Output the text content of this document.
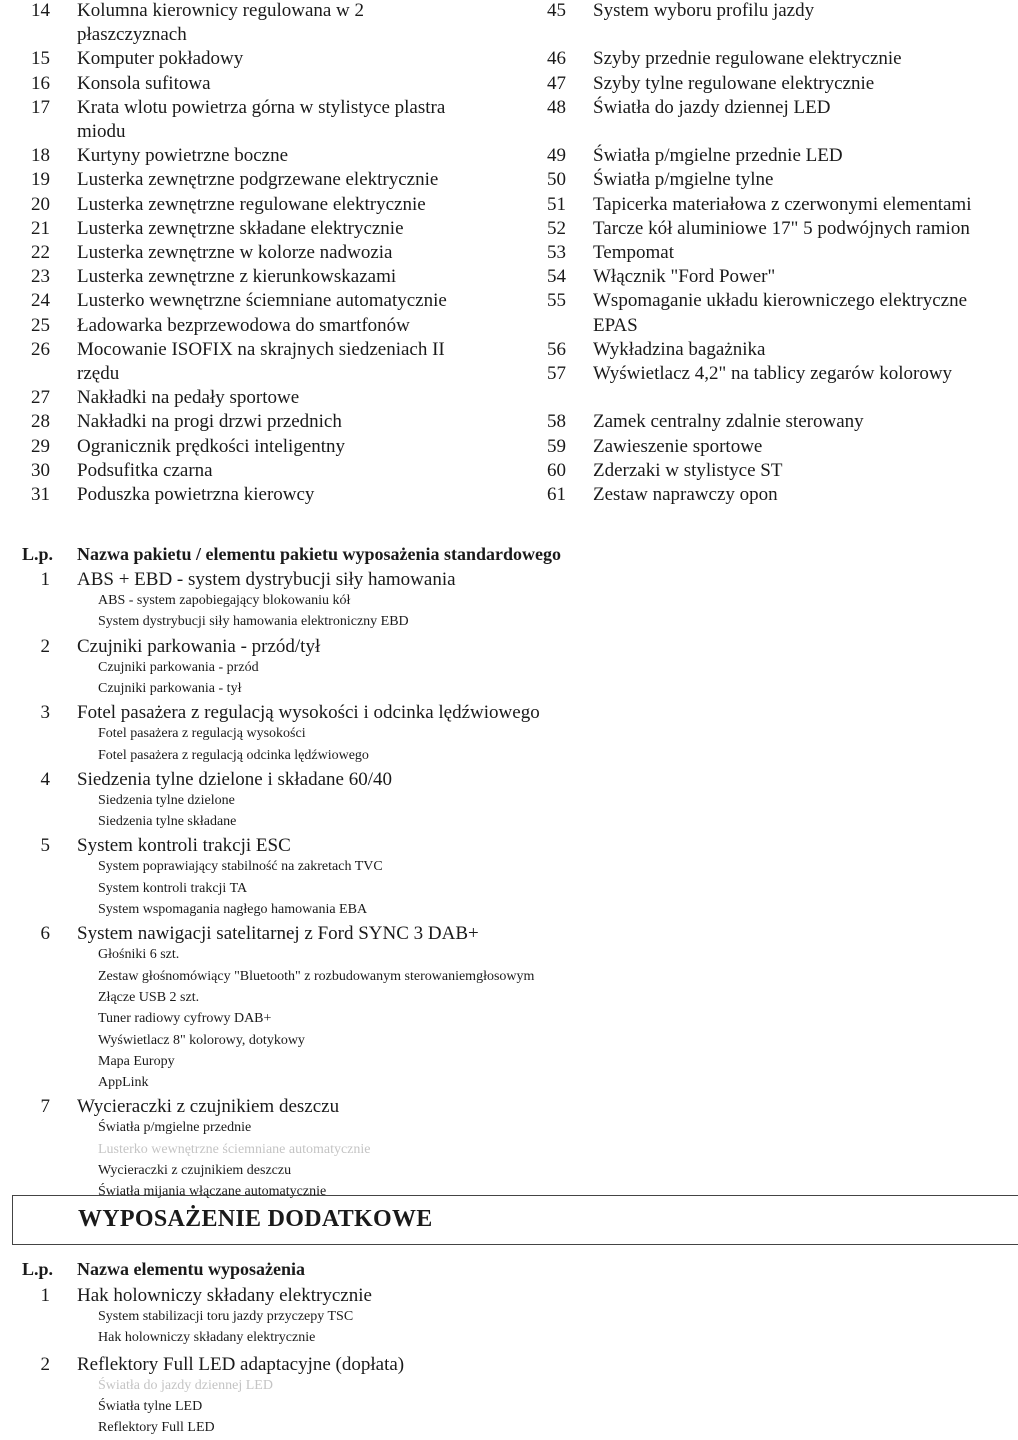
14 Kolumna kierownicy regulowana w 2
płaszczyznach
15 Komputer pokładowy
16 Konsola sufitowa
17 Krata wlotu powietrza górna w stylistyce plastra
miodu
18 Kurtyny powietrzne boczne
19 Lusterka zewnętrzne podgrzewane elektrycznie
20 Lusterka zewnętrzne regulowane elektrycznie
21 Lusterka zewnętrzne składane elektrycznie
22 Lusterka zewnętrzne w kolorze nadwozia
23 Lusterka zewnętrzne z kierunkowskazami
24 Lusterko wewnętrzne ściemniane automatycznie
25 Ładowarka bezprzewodowa do smartfonów
26 Mocowanie ISOFIX na skrajnych siedzeniach II
rzędu
27 Nakładki na pedały sportowe
28 Nakładki na progi drzwi przednich
29 Ogranicznik prędkości inteligentny
30 Podsufitka czarna
31 Poduszka powietrzna kierowcy
45 System wyboru profilu jazdy
46 Szyby przednie regulowane elektrycznie
47 Szyby tylne regulowane elektrycznie
48 Światła do jazdy dziennej LED
49 Światła p/mgielne przednie LED
50 Światła p/mgielne tylne
51 Tapicerka materiałowa z czerwonymi elementami
52 Tarcze kół aluminiowe 17" 5 podwójnych ramion
53 Tempomat
54 Włącznik "Ford Power"
55 Wspomaganie układu kierowniczego elektryczne
EPAS
56 Wykładzina bagażnika
57 Wyświetlacz 4,2" na tablicy zegarów kolorowy
58 Zamek centralny zdalnie sterowany
59 Zawieszenie sportowe
60 Zderzaki w stylistyce ST
61 Zestaw naprawczy opon
L.p. Nazwa pakietu / elementu pakietu wyposażenia standardowego
1 ABS + EBD - system dystrybucji siły hamowania
ABS - system zapobiegający blokowaniu kół
System dystrybucji siły hamowania elektroniczny EBD
2 Czujniki parkowania - przód/tył
Czujniki parkowania - przód
Czujniki parkowania - tył
3 Fotel pasażera z regulacją wysokości i odcinka lędźwiowego
Fotel pasażera z regulacją wysokości
Fotel pasażera z regulacją odcinka lędźwiowego
4 Siedzenia tylne dzielone i składane 60/40
Siedzenia tylne dzielone
Siedzenia tylne składane
5 System kontroli trakcji ESC
System poprawiający stabilność na zakretach TVC
System kontroli trakcji TA
System wspomagania nagłego hamowania EBA
6 System nawigacji satelitarnej z Ford SYNC 3 DAB+
Głośniki 6 szt.
Zestaw głośnomówiący "Bluetooth" z rozbudowanym sterowaniemgłosowym
Złącze USB 2 szt.
Tuner radiowy cyfrowy DAB+
Wyświetlacz 8" kolorowy, dotykowy
Mapa Europy
AppLink
7 Wycieraczki z czujnikiem deszczu
Światła p/mgielne przednie
Lusterko wewnętrzne ściemniane automatycznie
Wycieraczki z czujnikiem deszczu
Światła mijania włączane automatycznie
L.p. Nazwa elementu wyposażenia
1 Hak holowniczy składany elektrycznie
System stabilizacji toru jazdy przyczepy TSC
Hak holowniczy składany elektrycznie
2 Reflektory Full LED adaptacyjne (dopłata)
Światła do jazdy dziennej LED
Światła tylne LED
Reflektory Full LED
WYPOSAŻENIE DODATKOWE
